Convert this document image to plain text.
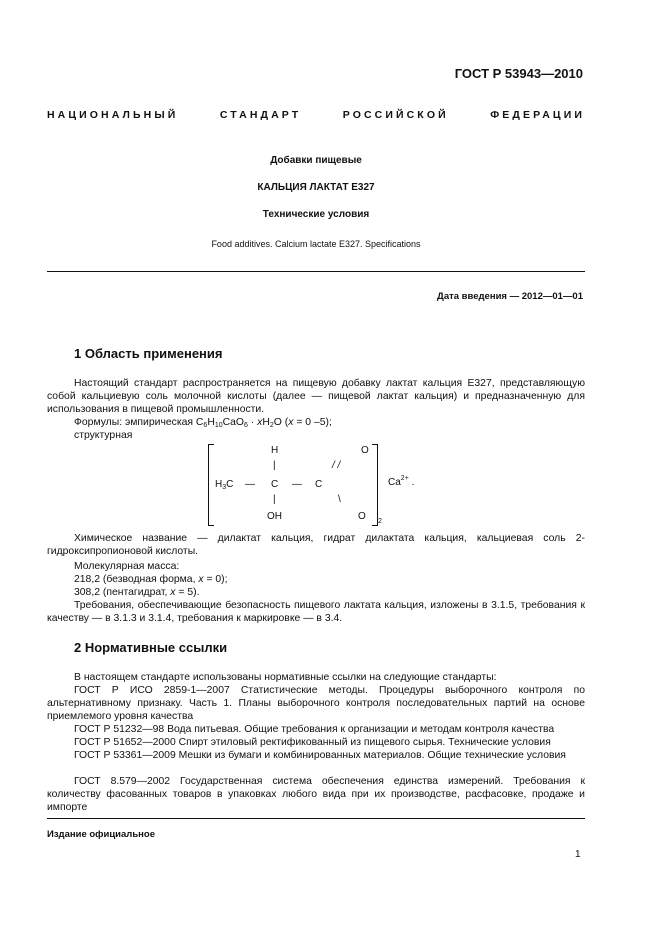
ГОСТ Р 53943—2010
НАЦИОНАЛЬНЫЙ	СТАНДАРТ	РОССИЙСКОЙ	ФЕДЕРАЦИИ
Добавки пищевые
КАЛЬЦИЯ ЛАКТАТ Е327
Технические условия
Food additives. Calcium lactate E327. Specifications
Дата введения — 2012—01—01
1 Область применения
Настоящий стандарт распространяется на пищевую добавку лактат кальция Е327, представляющую собой кальциевую соль молочной кислоты (далее — пищевой лактат кальция) и предназначенную для использования в пищевой промышленности.
Формулы: эмпирическая $C_6H_{10}CaO_6 \cdot xH_2O$ (x = 0 –5);
структурная
H	O
|	/ /
$H_3C$ — C — C	$Ca^{2+}$ .
|	\
OH	O 2
Химическое название — дилактат кальция, гидрат дилактата кальция, кальциевая соль 2-гидроксипропионовой кислоты.
Молекулярная масса:
218,2 (безводная форма, x = 0);
308,2 (пентагидрат, x = 5).
Требования, обеспечивающие безопасность пищевого лактата кальция, изложены в 3.1.5, требования к качеству — в 3.1.3 и 3.1.4, требования к маркировке — в 3.4.
2 Нормативные ссылки
В настоящем стандарте использованы нормативные ссылки на следующие стандарты:
ГОСТ Р ИСО 2859-1—2007 Статистические методы. Процедуры выборочного контроля по альтернативному признаку. Часть 1. Планы выборочного контроля последовательных партий на основе приемлемого уровня качества
ГОСТ Р 51232—98 Вода питьевая. Общие требования к организации и методам контроля качества
ГОСТ Р 51652—2000 Спирт этиловый ректификованный из пищевого сырья. Технические условия
ГОСТ Р 53361—2009 Мешки из бумаги и комбинированных материалов. Общие технические условия
ГОСТ 8.579—2002 Государственная система обеспечения единства измерений. Требования к количеству фасованных товаров в упаковках любого вида при их производстве, расфасовке, продаже и импорте
Издание официальное
1
